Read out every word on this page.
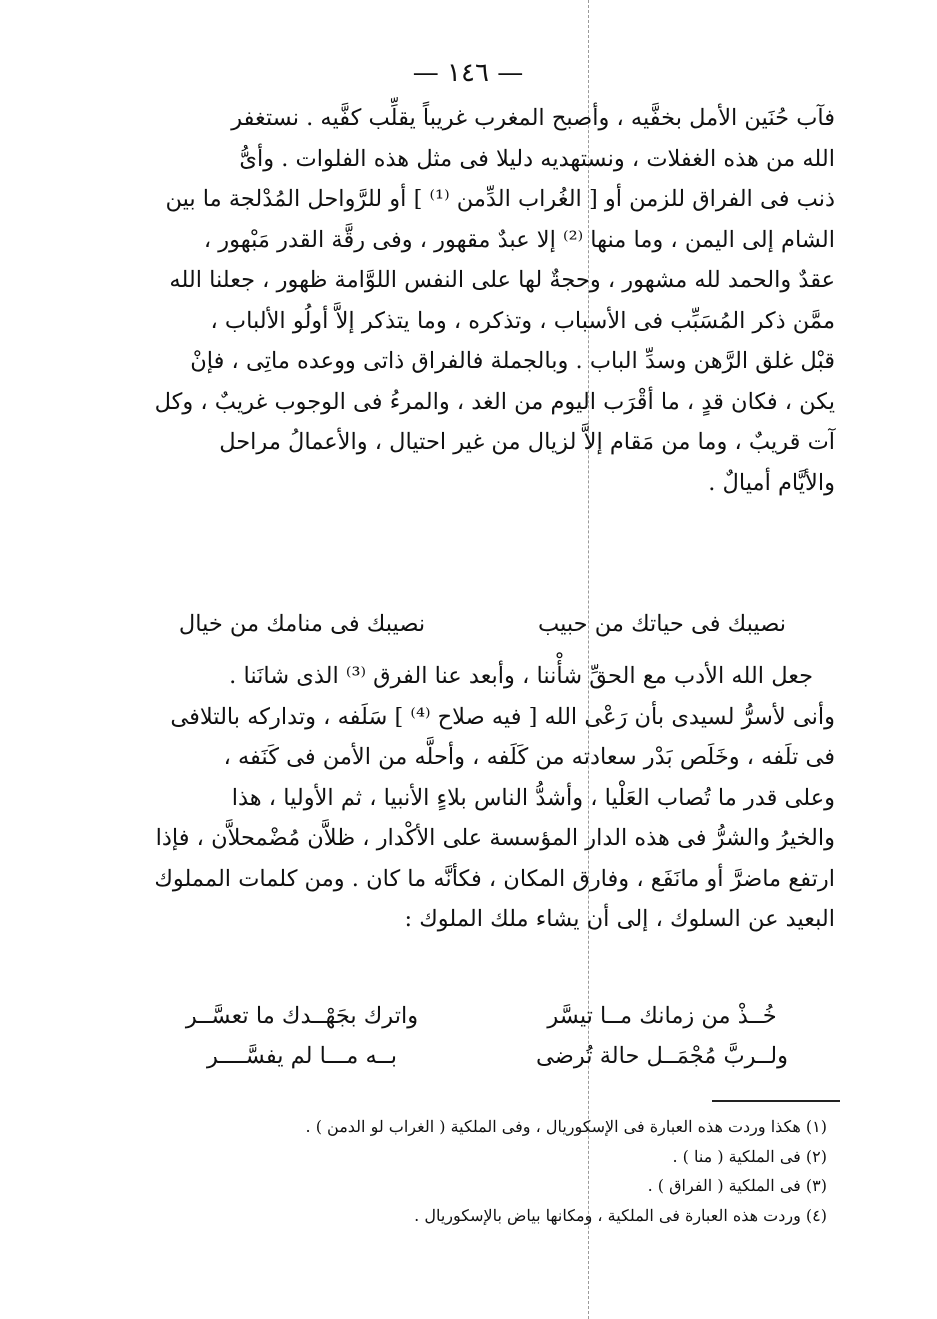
— ١٤٦ —

فآب حُنَين الأمل بخفَّيه ، وأصبح المغرب غريباً يقلِّب كفَّيه . نستغفر

الله من هذه الغفلات ، ونستهديه دليلا فى مثل هذه الفلوات . وأىُّ

ذنب فى الفراق للزمن أو [ الغُراب الدِّمن ⁽¹⁾ ] أو للرَّواحل المُدْلجة ما بين

الشام إلى اليمن ، وما منها ⁽²⁾ إلا عبدٌ مقهور ، وفى رقَّة القدر مَبْهور ،

عقدٌ والحمد لله مشهور ، وحجةٌ لها على النفس اللوَّامة ظهور ، جعلنا الله

ممَّن ذكر المُسَبِّب فى الأسباب ، وتذكره ، وما يتذكر إلاَّ أولُو الألباب ،

قبْل غلق الرَّهن وسدِّ الباب . وبالجملة فالفراق ذاتى ووعده ماتِى ، فإنْ

يكن ، فكان قدٍ ، ما أقْرَب اليوم من الغد ، والمرءُ فى الوجوب غريبٌ ، وكل

آت قريبٌ ، وما من مَقام إلاَّ لزيال من غير احتيال ، والأعمالُ مراحل

والأيَّام أميالٌ .

نصيبك فى حياتك من حبيب
نصيبك فى منامك من خيال

جعل الله الأدب مع الحقِّ شأْننا ، وأبعد عنا الفرق ⁽³⁾ الذى شانَنا .

وأنى لأسرُّ لسيدى بأن رَعْى الله [ فيه صلاح ⁽⁴⁾ ] سَلَفه ، وتداركه بالتلافى

فى تلَفه ، وخَلَص بَدْر سعادته من كَلَفه ، وأحلَّه من الأمن فى كَنَفه ،

وعلى قدر ما تُصاب العَلْيا ، وأشدُّ الناس بلاءٍ الأنبيا ، ثم الأوليا ، هذا

والخيرُ والشرُّ فى هذه الدار المؤسسة على الأكْدار ، ظلاَّن مُضْمحلاَّن ، فإذا

ارتفع ماضرَّ أو مانَفَع ، وفارق المكان ، فكأنَّه ما كان . ومن كلمات المملوك

البعيد عن السلوك ، إلى أن يشاء ملك الملوك :

خُــذْ من زمانك مــا تيسَّر
واترك بجَهْــدك ما تعسَّــر
ولــربَّ مُجْمَــل حالة تُرضى
بــه مـــا لم يفسَّــــر
(١) هكذا وردت هذه العبارة فى الإسكوريال ، وفى الملكية ( الغراب لو الدمن ) .
(٢) فى الملكية ( منا ) .
(٣) فى الملكية ( الفراق ) .
(٤) وردت هذه العبارة فى الملكية ، ومكانها بياض بالإسكوريال .
